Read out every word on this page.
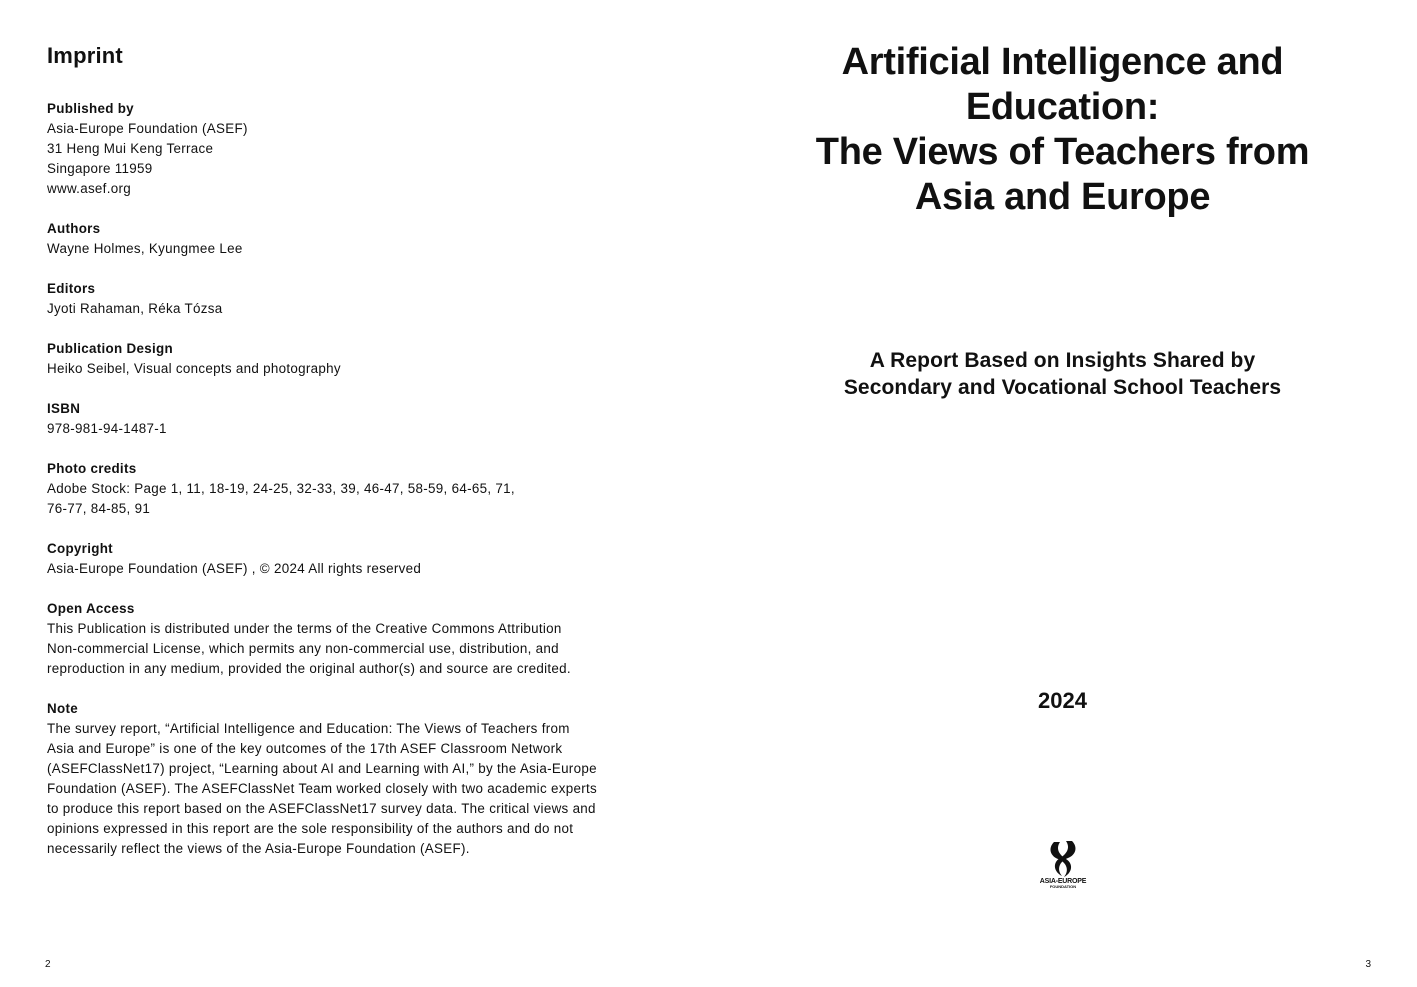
Imprint
Published by
Asia-Europe Foundation (ASEF)
31 Heng Mui Keng Terrace
Singapore 11959
www.asef.org
Authors
Wayne Holmes, Kyungmee Lee
Editors
Jyoti Rahaman, Réka Tózsa
Publication Design
Heiko Seibel, Visual concepts and photography
ISBN
978-981-94-1487-1
Photo credits
Adobe Stock: Page 1, 11, 18-19, 24-25, 32-33, 39, 46-47, 58-59, 64-65, 71,
76-77, 84-85, 91
Copyright
Asia-Europe Foundation (ASEF) , © 2024 All rights reserved
Open Access
This Publication is distributed under the terms of the Creative Commons Attribution
Non-commercial License, which permits any non-commercial use, distribution, and
reproduction in any medium, provided the original author(s) and source are credited.
Note
The survey report, “Artificial Intelligence and Education: The Views of Teachers from
Asia and Europe” is one of the key outcomes of the 17th ASEF Classroom Network
(ASEFClassNet17) project, “Learning about AI and Learning with AI,” by the Asia-Europe
Foundation (ASEF). The ASEFClassNet Team worked closely with two academic experts
to produce this report based on the ASEFClassNet17 survey data. The critical views and
opinions expressed in this report are the sole responsibility of the authors and do not
necessarily reflect the views of the Asia-Europe Foundation (ASEF).
2
Artificial Intelligence and
Education:
The Views of Teachers from
Asia and Europe
A Report Based on Insights Shared by
Secondary and Vocational School Teachers
2024
ASIA-EUROPE
FOUNDATION
3
